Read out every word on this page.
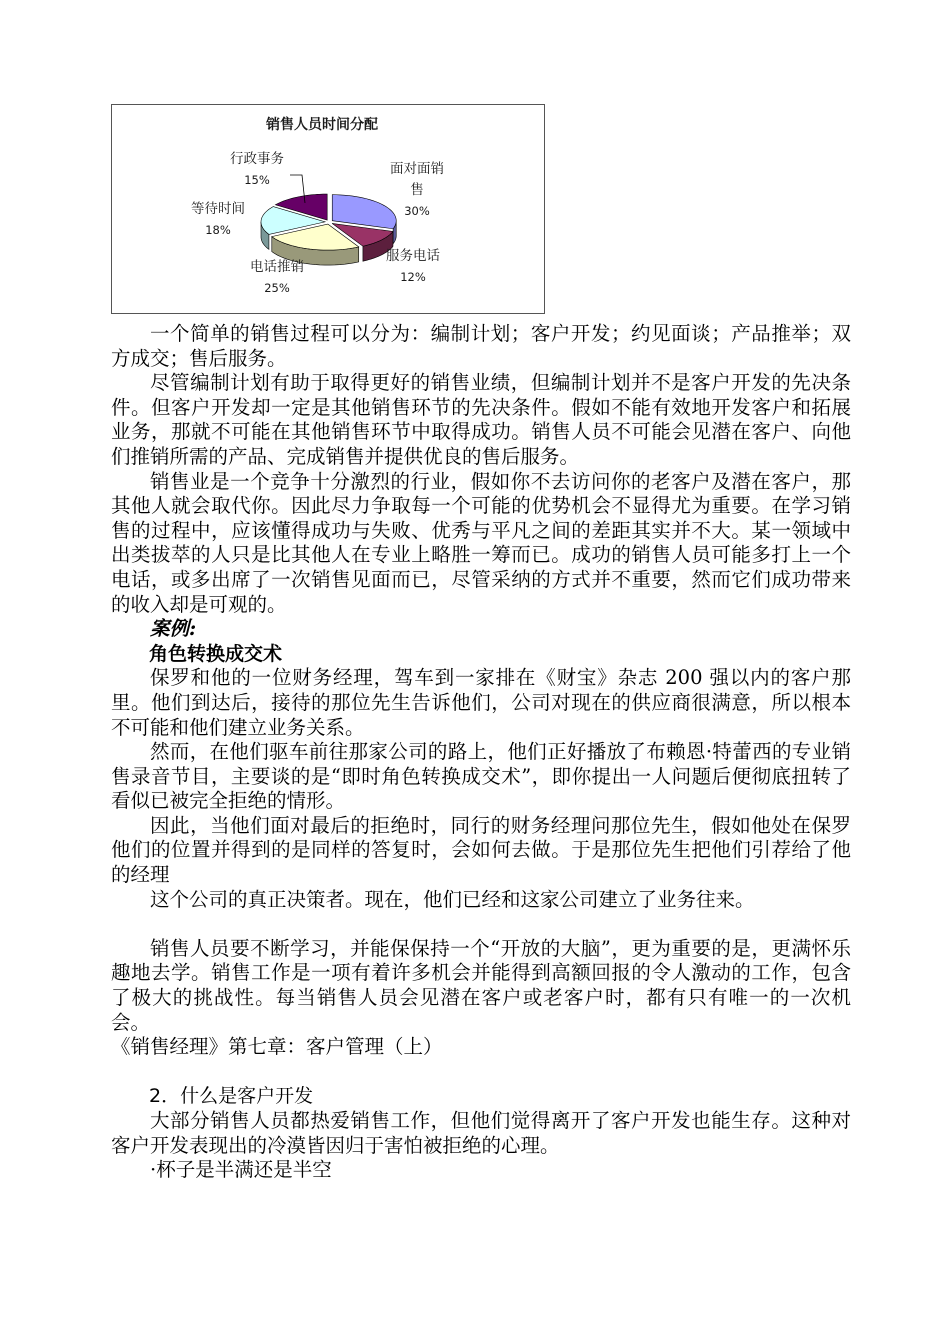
销售人员时间分配
面对面销
售
30%
服务电话
12%
电话推销
25%
等待时间
18%
行政事务
15%

一个简单的销售过程可以分为：编制计划；客户开发；约见面谈；产品推举；双方成交；售后服务。

尽管编制计划有助于取得更好的销售业绩，但编制计划并不是客户开发的先决条件。但客户开发却一定是其他销售环节的先决条件。假如不能有效地开发客户和拓展业务，那就不可能在其他销售环节中取得成功。销售人员不可能会见潜在客户、向他们推销所需的产品、完成销售并提供优良的售后服务。

销售业是一个竞争十分激烈的行业，假如你不去访问你的老客户及潜在客户，那其他人就会取代你。因此尽力争取每一个可能的优势机会不显得尤为重要。在学习销售的过程中，应该懂得成功与失败、优秀与平凡之间的差距其实并不大。某一领域中出类拔萃的人只是比其他人在专业上略胜一筹而已。成功的销售人员可能多打上一个电话，或多出席了一次销售见面而已，尽管采纳的方式并不重要，然而它们成功带来的收入却是可观的。

案例:

角色转换成交术

保罗和他的一位财务经理，驾车到一家排在《财宝》杂志 200 强以内的客户那里。他们到达后，接待的那位先生告诉他们，公司对现在的供应商很满意，所以根本不可能和他们建立业务关系。

然而，在他们驱车前往那家公司的路上，他们正好播放了布赖恩·特蕾西的专业销售录音节目，主要谈的是“即时角色转换成交术”，即你提出一人问题后便彻底扭转了看似已被完全拒绝的情形。

因此，当他们面对最后的拒绝时，同行的财务经理问那位先生，假如他处在保罗他们的位置并得到的是同样的答复时，会如何去做。于是那位先生把他们引荐给了他的经理

这个公司的真正决策者。现在，他们已经和这家公司建立了业务往来。

销售人员要不断学习，并能保保持一个“开放的大脑”，更为重要的是，更满怀乐趣地去学。销售工作是一项有着许多机会并能得到高额回报的令人激动的工作，包含了极大的挑战性。每当销售人员会见潜在客户或老客户时，都有只有唯一的一次机会。

《销售经理》第七章：客户管理（上）

2．什么是客户开发

大部分销售人员都热爱销售工作，但他们觉得离开了客户开发也能生存。这种对客户开发表现出的冷漠皆因归于害怕被拒绝的心理。

·杯子是半满还是半空
